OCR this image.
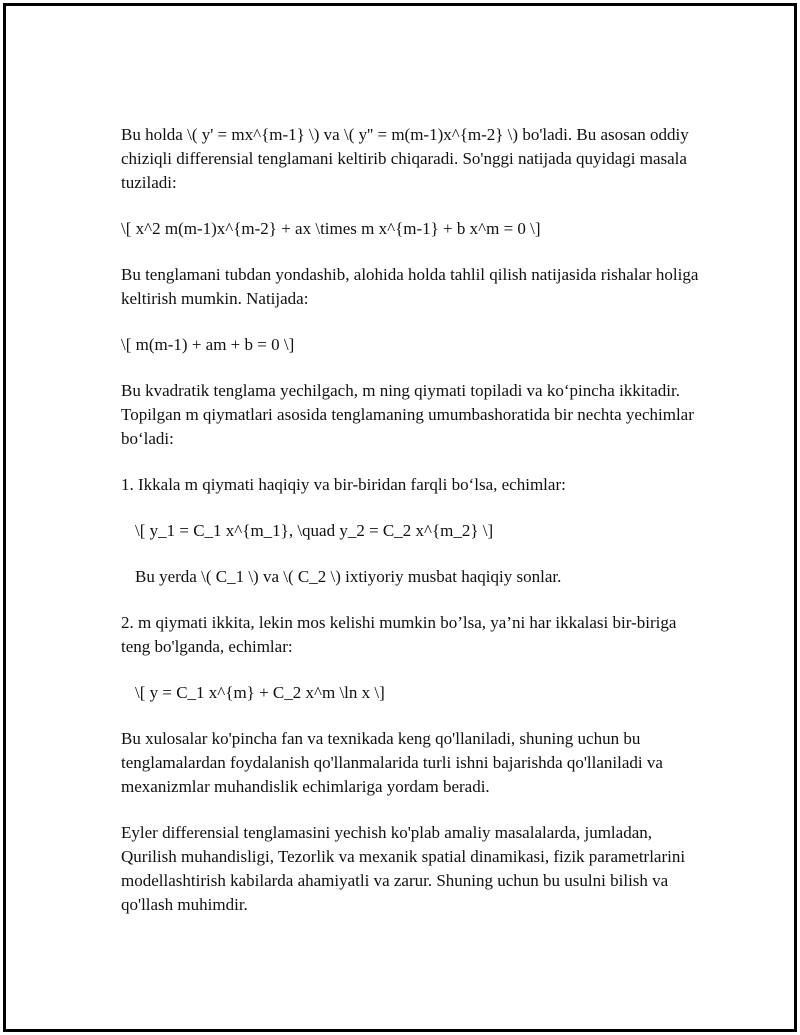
Bu holda \( y' = mx^{m-1} \) va \( y'' = m(m-1)x^{m-2} \) bo'ladi. Bu asosan oddiy chiziqli differensial tenglamani keltirib chiqaradi. So'nggi natijada quyidagi masala tuziladi:

\[ x^2 m(m-1)x^{m-2} + ax \times m x^{m-1} + b x^m = 0 \]

Bu tenglamani tubdan yondashib, alohida holda tahlil qilish natijasida rishalar holiga keltirish mumkin. Natijada:

\[ m(m-1) + am + b = 0 \]

Bu kvadratik tenglama yechilgach, m ning qiymati topiladi va ko‘pincha ikkitadir. Topilgan m qiymatlari asosida tenglamaning umumbashoratida bir nechta yechimlar bo‘ladi:

1. Ikkala m qiymati haqiqiy va bir-biridan farqli bo‘lsa, echimlar:

\[ y_1 = C_1 x^{m_1}, \quad y_2 = C_2 x^{m_2} \]

Bu yerda \( C_1 \) va \( C_2 \) ixtiyoriy musbat haqiqiy sonlar.

2. m qiymati ikkita, lekin mos kelishi mumkin bo’lsa, ya’ni har ikkalasi bir-biriga teng bo'lganda, echimlar:

\[ y = C_1 x^{m} + C_2 x^m \ln x \]

Bu xulosalar ko'pincha fan va texnikada keng qo'llaniladi, shuning uchun bu tenglamalardan foydalanish qo'llanmalarida turli ishni bajarishda qo'llaniladi va mexanizmlar muhandislik echimlariga yordam beradi.

Eyler differensial tenglamasini yechish ko'plab amaliy masalalarda, jumladan, Qurilish muhandisligi, Tezorlik va mexanik spatial dinamikasi, fizik parametrlarini modellashtirish kabilarda ahamiyatli va zarur. Shuning uchun bu usulni bilish va qo'llash muhimdir.
